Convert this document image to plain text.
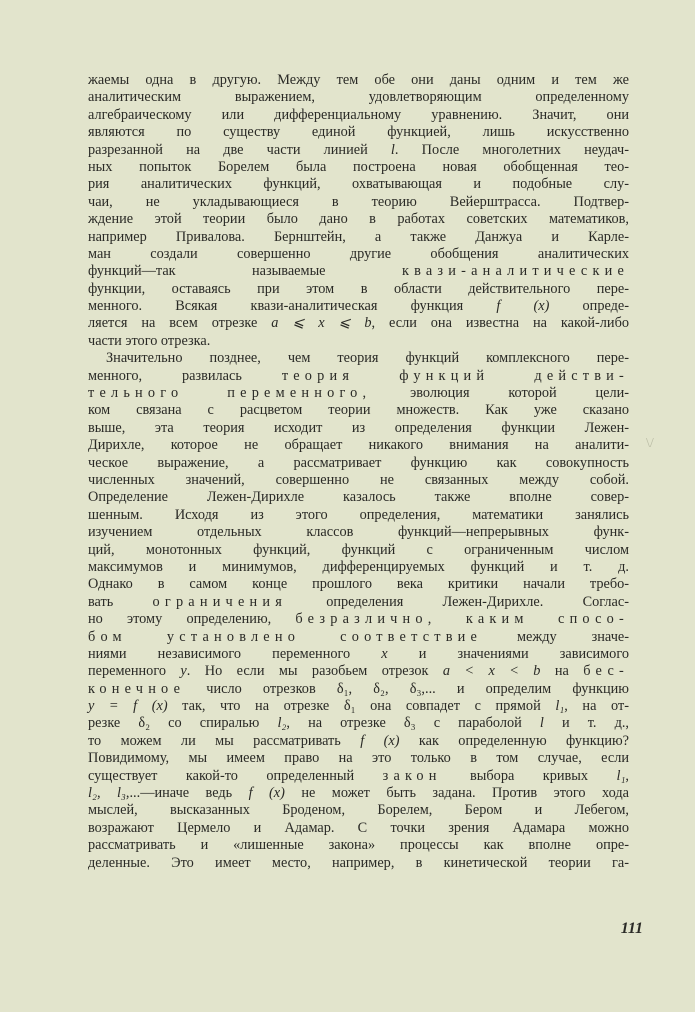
жаемы одна в другую. Между тем обе они даны одним и тем же
аналитическим выражением, удовлетворяющим определенному
алгебраическому или дифференциальному уравнению. Значит, они
являются по существу единой функцией, лишь искусственно
разрезанной на две части линией l . После многолетних неудач-
ных попыток Борелем была построена новая обобщенная тео-
рия аналитических функций, охватывающая и подобные слу-
чаи, не укладывающиеся в теорию Вейерштрасса. Подтвер-
ждение этой теории было дано в работах советских математиков,
например Привалова. Бернштейн, а также Данжуа и Карле-
ман создали совершенно другие обобщения аналитических
функций—так называемые квази-аналитические
функции, оставаясь при этом в области действительного пере-
менного. Всякая квази-аналитическая функция f (x) опреде-
ляется на всем отрезке a ⩽ x ⩽ b , если она известна на какой-либо
части этого отрезка.
Значительно позднее, чем теория функций комплексного пере-
менного, развилась теория функций действи-
тельного переменного, эволюция которой цели-
ком связана с расцветом теории множеств. Как уже сказано
выше, эта теория исходит из определения функции Лежен-
Дирихле, которое не обращает никакого внимания на аналити-
ческое выражение, а рассматривает функцию как совокупность
численных значений, совершенно не связанных между собой.
Определение Лежен-Дирихле казалось также вполне совер-
шенным. Исходя из этого определения, математики занялись
изучением отдельных классов функций—непрерывных функ-
ций, монотонных функций, функций с ограниченным числом
максимумов и минимумов, дифференцируемых функций и т. д.
Однако в самом конце прошлого века критики начали требо-
вать ограничения определения Лежен-Дирихле. Соглас-
но этому определению, безразлично, каким спосо-
бом установлено соответствие между значе-
ниями независимого переменного x и значениями зависимого
переменного y . Но если мы разобьем отрезок a < x < b на бес-
конечное число отрезков δ₁, δ₂, δ₃,... и определим функцию
y = f (x) так, что на отрезке δ₁ она совпадет с прямой l₁ , на от-
резке δ₂ со спиралью l₂ , на отрезке δ₃ с параболой l и т. д.,
то можем ли мы рассматривать f (x) как определенную функцию?
Повидимому, мы имеем право на это только в том случае, если
существует какой-то определенный закон выбора кривых l₁ ,
l₂, l₃ ,...—иначе ведь f (x) не может быть задана. Против этого хода
мыслей, высказанных Броденом, Борелем, Бером и Лебегом,
возражают Цермело и Адамар. С точки зрения Адамара можно
рассматривать и «лишенные закона» процессы как вполне опре-
деленные. Это имеет место, например, в кинетической теории га-
\/
111
